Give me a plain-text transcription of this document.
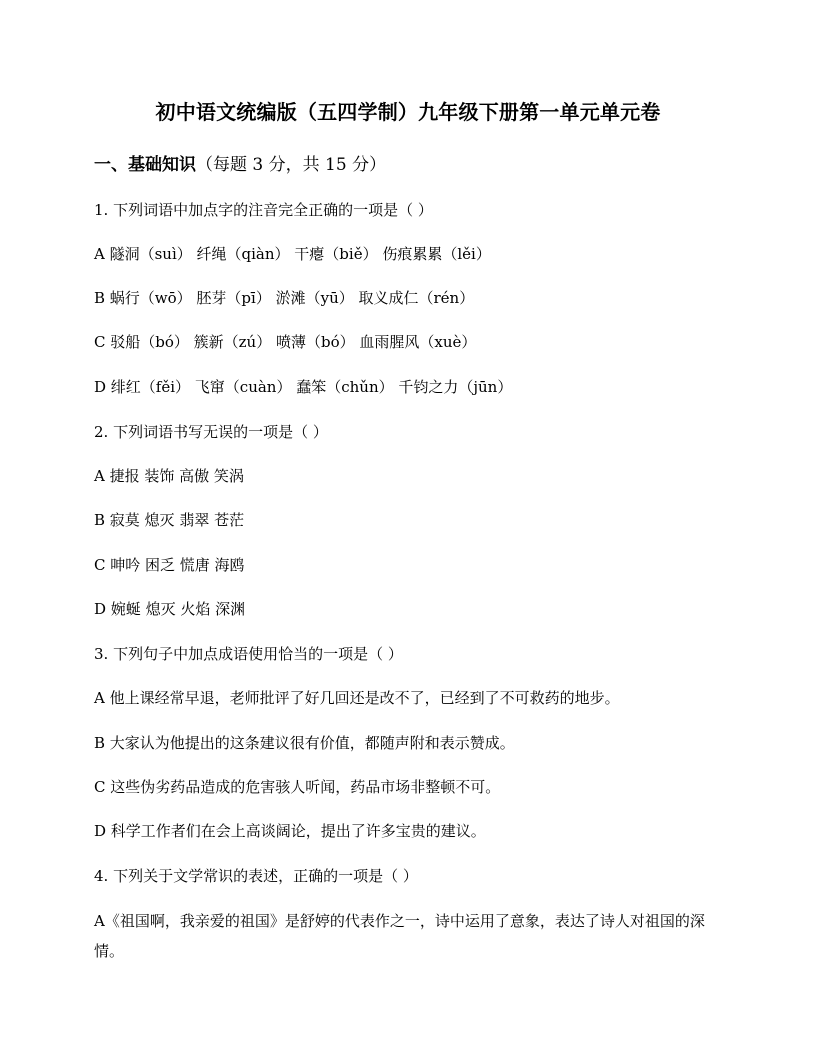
初中语文统编版（五四学制）九年级下册第一单元单元卷
一、基础知识（每题 3 分，共 15 分）
1. 下列词语中加点字的注音完全正确的一项是（ ）
A 隧洞（suì） 纤绳（qiàn） 干瘪（biě） 伤痕累累（lěi）
B 蜗行（wō） 胚芽（pī） 淤滩（yū） 取义成仁（rén）
C 驳船（bó） 簇新（zú） 喷薄（bó） 血雨腥风（xuè）
D 绯红（fěi） 飞窜（cuàn） 蠢笨（chǔn） 千钧之力（jūn）
2. 下列词语书写无误的一项是（ ）
A 捷报 装饰 高傲 笑涡
B 寂莫 熄灭 翡翠 苍茫
C 呻吟 困乏 慌唐 海鸥
D 婉蜒 熄灭 火焰 深渊
3. 下列句子中加点成语使用恰当的一项是（ ）
A 他上课经常早退，老师批评了好几回还是改不了，已经到了不可救药的地步。
B 大家认为他提出的这条建议很有价值，都随声附和表示赞成。
C 这些伪劣药品造成的危害骇人听闻，药品市场非整顿不可。
D 科学工作者们在会上高谈阔论，提出了许多宝贵的建议。
4. 下列关于文学常识的表述，正确的一项是（ ）
A《祖国啊，我亲爱的祖国》是舒婷的代表作之一，诗中运用了意象，表达了诗人对祖国的深情。
